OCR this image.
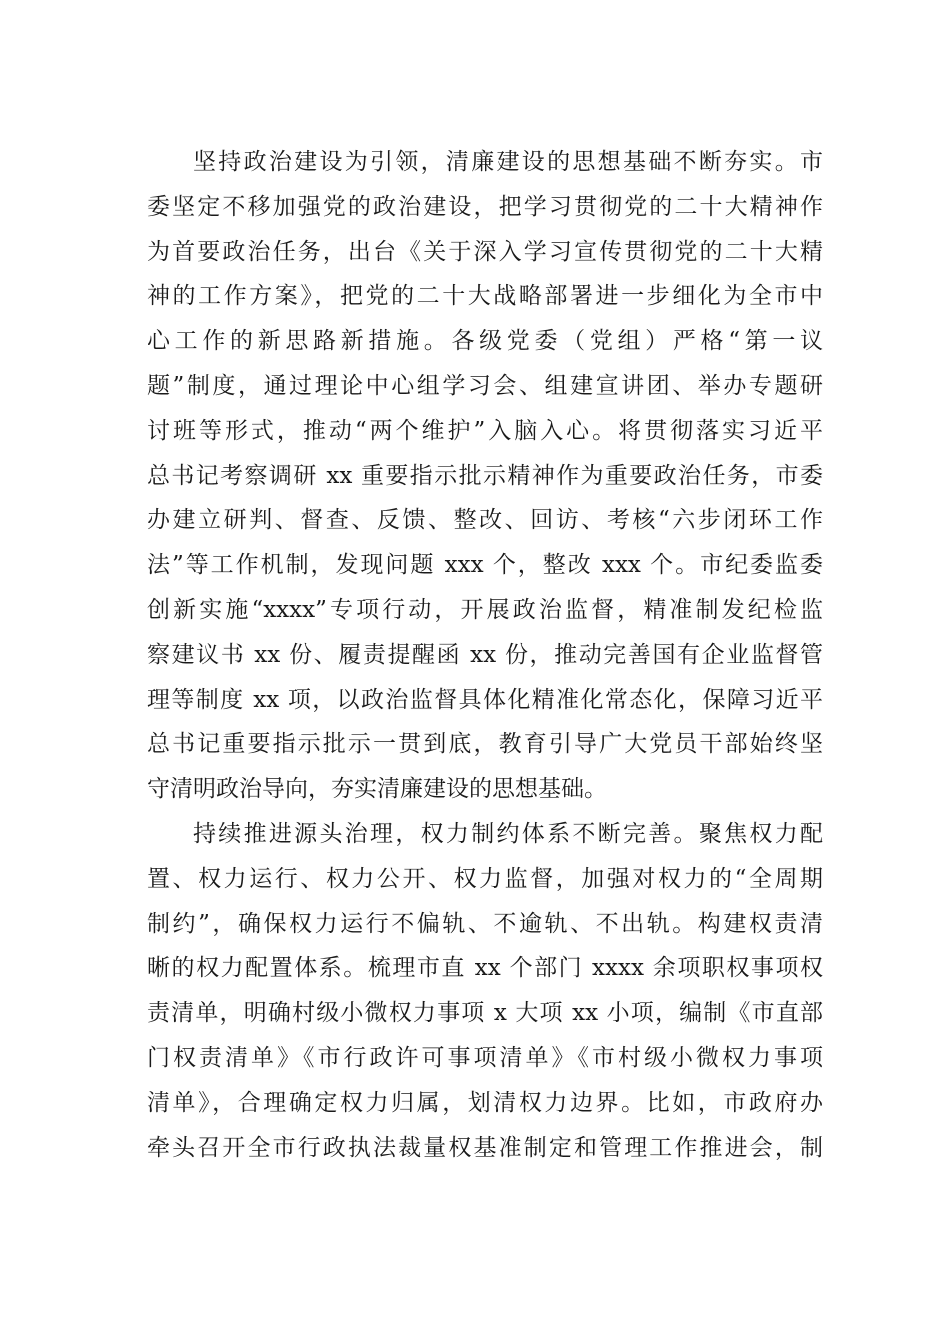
坚持政治建设为引领，清廉建设的思想基础不断夯实。市
委坚定不移加强党的政治建设，把学习贯彻党的二十大精神作
为首要政治任务，出台《关于深入学习宣传贯彻党的二十大精
神的工作方案》，把党的二十大战略部署进一步细化为全市中
心工作的新思路新措施。各级党委（党组）严格“第一议
题”制度，通过理论中心组学习会、组建宣讲团、举办专题研
讨班等形式，推动“两个维护”入脑入心。将贯彻落实习近平
总书记考察调研 xx 重要指示批示精神作为重要政治任务，市委
办建立研判、督查、反馈、整改、回访、考核“六步闭环工作
法”等工作机制，发现问题 xxx 个，整改 xxx 个。市纪委监委
创新实施“xxxx”专项行动，开展政治监督，精准制发纪检监
察建议书 xx 份、履责提醒函 xx 份，推动完善国有企业监督管
理等制度 xx 项，以政治监督具体化精准化常态化，保障习近平
总书记重要指示批示一贯到底，教育引导广大党员干部始终坚
守清明政治导向，夯实清廉建设的思想基础。
持续推进源头治理，权力制约体系不断完善。聚焦权力配
置、权力运行、权力公开、权力监督，加强对权力的“全周期
制约”，确保权力运行不偏轨、不逾轨、不出轨。构建权责清
晰的权力配置体系。梳理市直 xx 个部门 xxxx 余项职权事项权
责清单，明确村级小微权力事项 x 大项 xx 小项，编制《市直部
门权责清单》《市行政许可事项清单》《市村级小微权力事项
清单》，合理确定权力归属，划清权力边界。比如，市政府办
牵头召开全市行政执法裁量权基准制定和管理工作推进会，制
